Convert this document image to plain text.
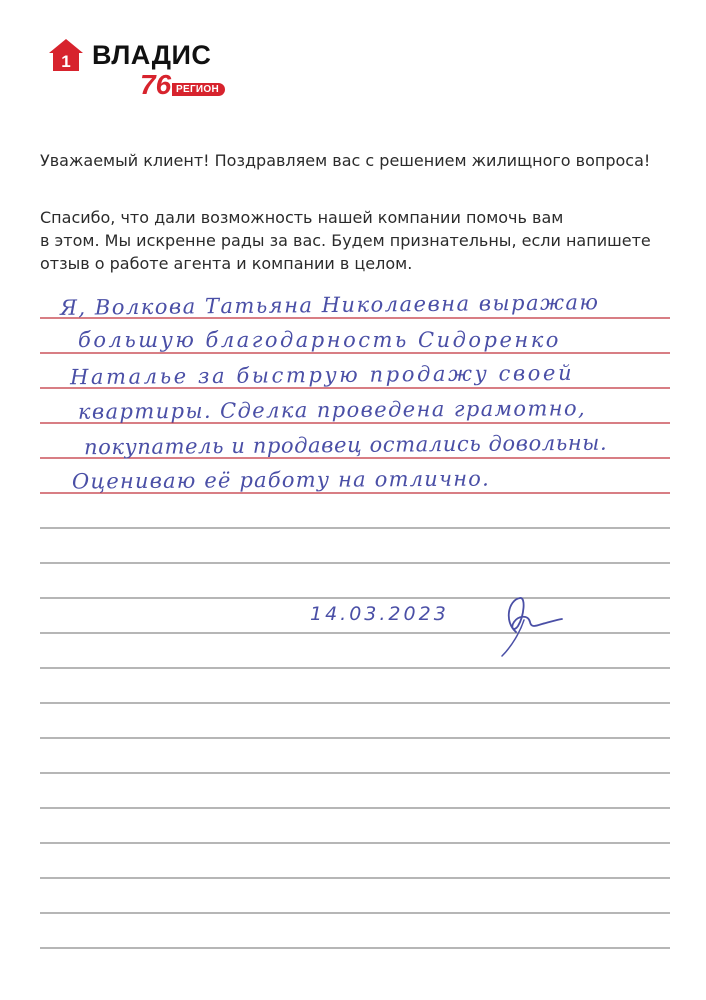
1 ВЛАДИС
76 РЕГИОН

Уважаемый клиент! Поздравляем вас с решением жилищного вопроса!

Спасибо, что дали возможность нашей компании помочь вам
в этом. Мы искренне рады за вас. Будем признательны, если напишете
отзыв о работе агента и компании в целом.

Я, Волкова Татьяна Николаевна выражаю
большую благодарность Сидоренко
Наталье за быструю продажу своей
квартиры. Сделка проведена грамотно,
покупатель и продавец остались довольны.
Оцениваю её работу на отлично.
14.03.2023
